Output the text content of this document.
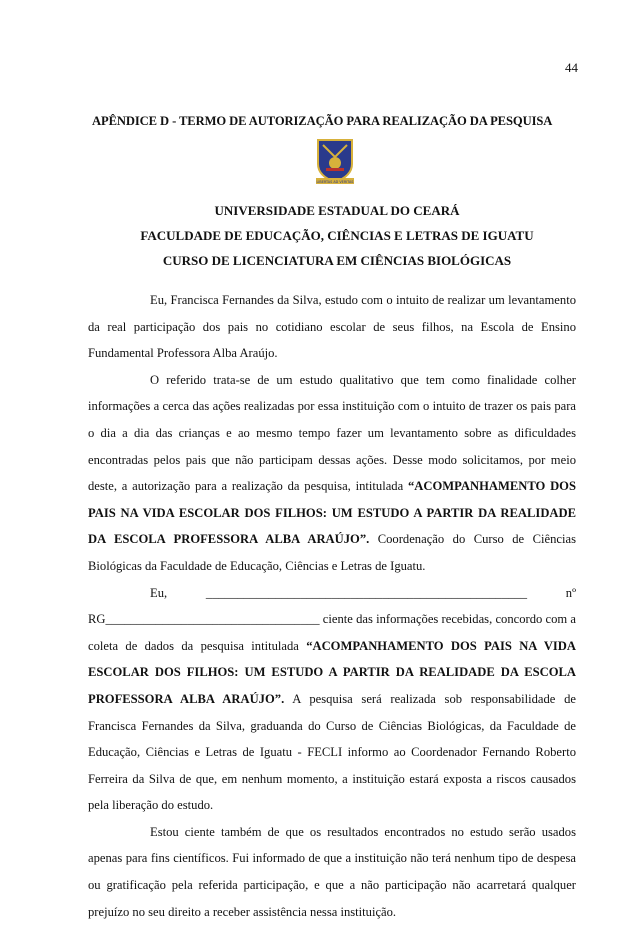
44
APÊNDICE D - TERMO DE AUTORIZAÇÃO PARA REALIZAÇÃO DA PESQUISA
LIBERTAS AD VERITAS
UNIVERSIDADE ESTADUAL DO CEARÁ
FACULDADE DE EDUCAÇÃO, CIÊNCIAS E LETRAS DE IGUATU
CURSO DE LICENCIATURA EM CIÊNCIAS BIOLÓGICAS

Eu, Francisca Fernandes da Silva, estudo com o intuito de realizar um levantamento da real participação dos pais no cotidiano escolar de seus filhos, na Escola de Ensino Fundamental Professora Alba Araújo.

O referido trata-se de um estudo qualitativo que tem como finalidade colher informações a cerca das ações realizadas por essa instituição com o intuito de trazer os pais para o dia a dia das crianças e ao mesmo tempo fazer um levantamento sobre as dificuldades encontradas pelos pais que não participam dessas ações. Desse modo solicitamos, por meio deste, a autorização para a realização da pesquisa, intitulada “ACOMPANHAMENTO DOS PAIS NA VIDA ESCOLAR DOS FILHOS: UM ESTUDO A PARTIR DA REALIDADE DA ESCOLA PROFESSORA ALBA ARAÚJO”. Coordenação do Curso de Ciências Biológicas da Faculdade de Educação, Ciências e Letras de Iguatu.

Eu, ___________________________________________________ nº RG__________________________________ ciente das informações recebidas, concordo com a coleta de dados da pesquisa intitulada “ACOMPANHAMENTO DOS PAIS NA VIDA ESCOLAR DOS FILHOS: UM ESTUDO A PARTIR DA REALIDADE DA ESCOLA PROFESSORA ALBA ARAÚJO”. A pesquisa será realizada sob responsabilidade de Francisca Fernandes da Silva, graduanda do Curso de Ciências Biológicas, da Faculdade de Educação, Ciências e Letras de Iguatu - FECLI informo ao Coordenador Fernando Roberto Ferreira da Silva de que, em nenhum momento, a instituição estará exposta a riscos causados pela liberação do estudo.

Estou ciente também de que os resultados encontrados no estudo serão usados apenas para fins científicos. Fui informado de que a instituição não terá nenhum tipo de despesa ou gratificação pela referida participação, e que a não participação não acarretará qualquer prejuízo no seu direito a receber assistência nessa instituição.
